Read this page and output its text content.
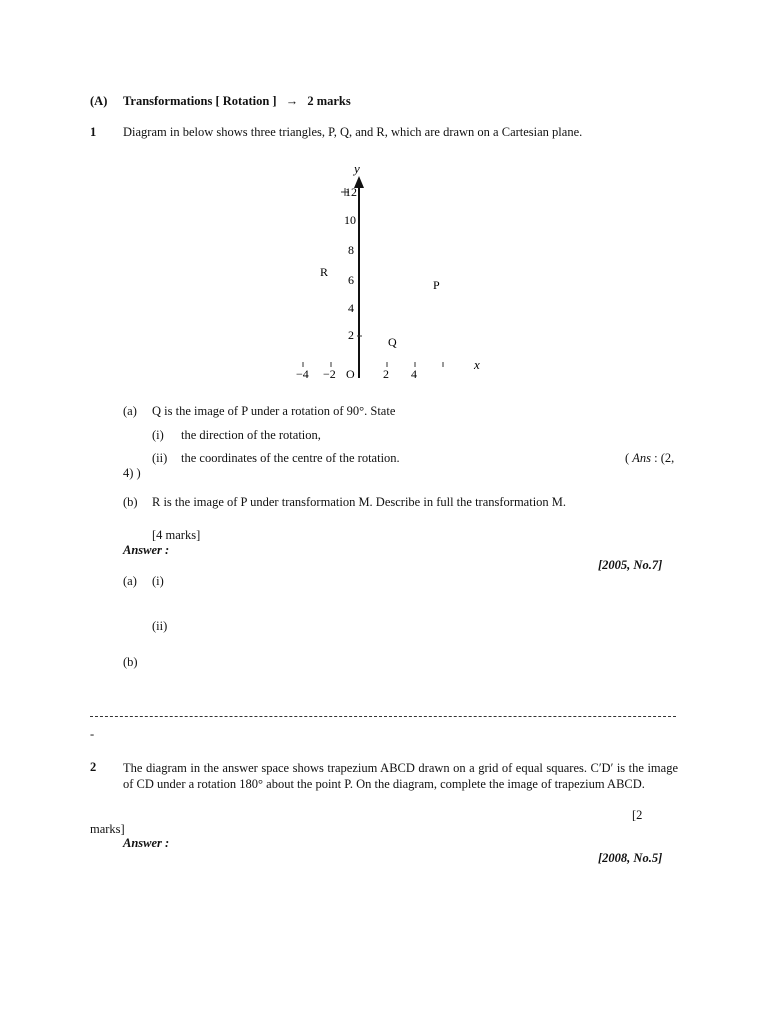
(A) Transformations [ Rotation ] → 2 marks
1 Diagram in below shows three triangles, P, Q, and R, which are drawn on a Cartesian plane.
y
x
12
10
8
6
4
2
−4 −2 O 2 4
R
P
Q
(a) Q is the image of P under a rotation of 90°. State
(i) the direction of the rotation,
(ii) the coordinates of the centre of the rotation.	( Ans : (2,
4) )
(b) R is the image of P under transformation M. Describe in full the transformation M.
[4 marks]
Answer :
[2005, No.7]
(a) (i)
(ii)
(b)
-
2 The diagram in the answer space shows trapezium ABCD drawn on a grid of equal squares. C′D′ is the image of CD under a rotation 180° about the point P. On the diagram, complete the image of trapezium ABCD.
[2
marks]
Answer :
[2008, No.5]
